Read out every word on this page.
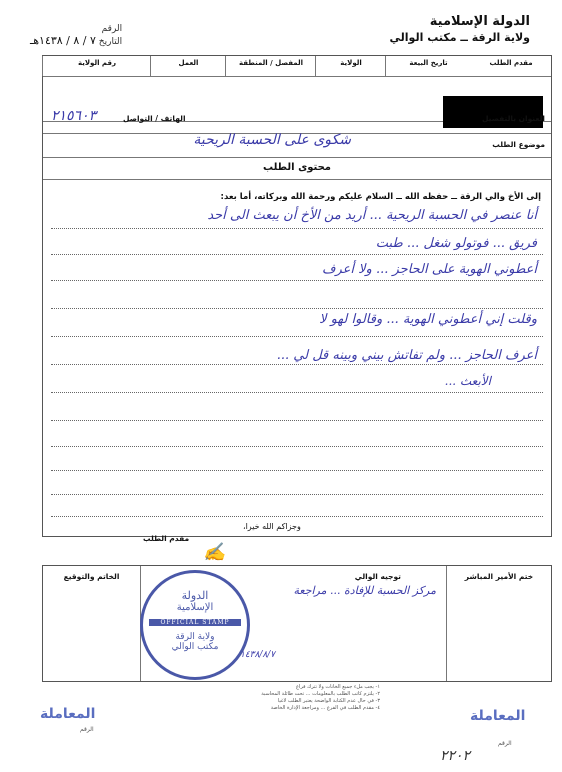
الدولة الإسلامية
ولاية الرقة ــ مكتب الوالي
الرقم
التاريخ ٧ / ٨ / ١٤٣٨هـ
مقدم الطلب
تاريخ البيعة
الولاية
المفصل / المنطقة
العمل
رقم الولاية
العنوان بالتفصيل
الهاتف / التواصل
٢١٥٦٠٣
موضوع الطلب
شكوى على الحسبة الريحية
محتوى الطلب
إلى الأخ والي الرقة ــ حفظه الله ــ السلام عليكم ورحمة الله وبركاته، أما بعد:
أنا عنصر في الحسبة الريحية ... أريد من الأخ أن يبعث الى أحد
فريق ... فوتولو شغل ... طبت
أعطوني الهوية على الحاجز ... ولا أعرف
وقلت إني أعطوني الهوية ... وقالوا لهو لا
أعرف الحاجز ... ولم تفاتش بيني وبينه قل لي ...
الأبعث ...
وجزاكم الله خيرا،
مقدم الطلب
✍
ختم الأمير المباشر
توجيه الوالي
مركز الحسبة للإفادة ... مراجعة
الخاتم والتوقيع
الدولة
الإسلامية
OFFICIAL STAMP
ولاية الرقة
مكتب الوالي
١٤٣٨/٨/٧
١- يجب ملء جميع الخانات ولا تترك فراغ
٢- يلتزم كاتب الطلب بالمعلومات ... تحت طائلة المحاسبة
٣- في حال عدم الكتابة الواضحة يعتبر الطلب لاغيا
٤- مقدم الطلب في الفرع ... ومراجعة الإدارة الخاصة
المعاملة
الرقم
المعاملة
الرقم
٢٢٠٢
